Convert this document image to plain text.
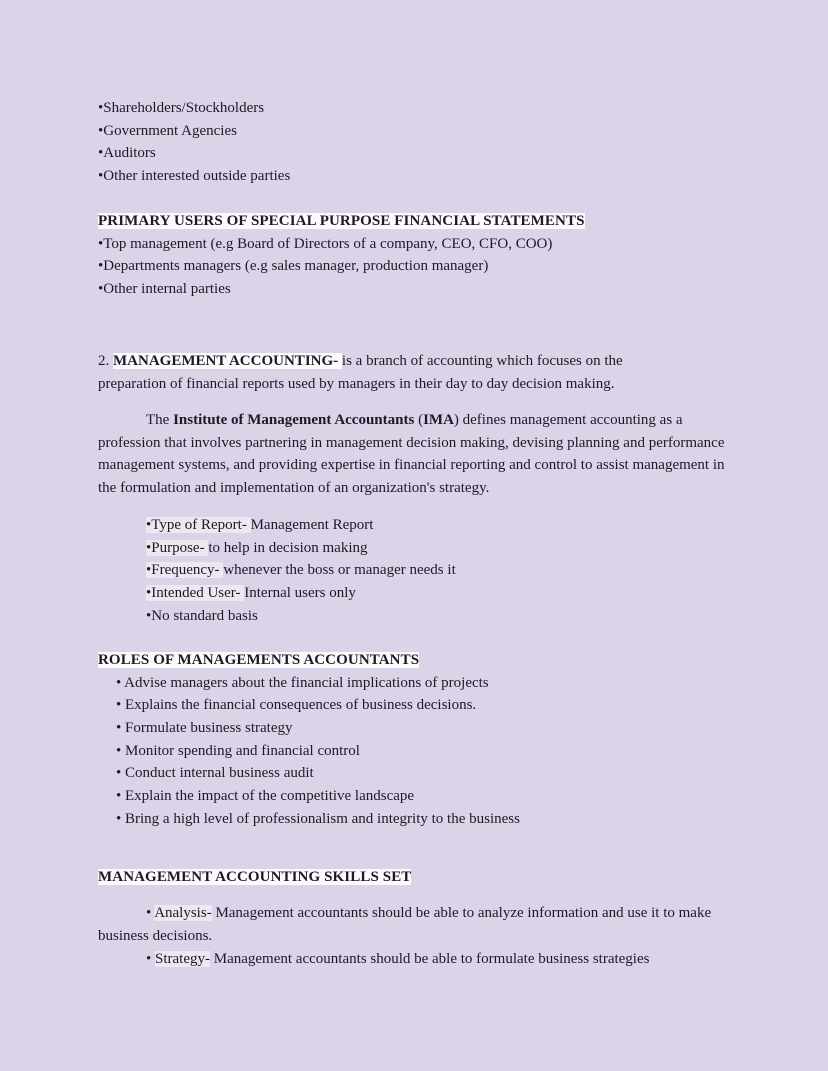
•Shareholders/Stockholders
•Government Agencies
•Auditors
•Other interested outside parties
PRIMARY USERS OF SPECIAL PURPOSE FINANCIAL STATEMENTS
•Top management (e.g Board of Directors of a company, CEO, CFO, COO)
•Departments managers (e.g sales manager, production manager)
•Other internal parties
2. MANAGEMENT ACCOUNTING- is a branch of accounting which focuses on the
preparation of financial reports used by managers in their day to day decision making.
The Institute of Management Accountants (IMA) defines management accounting as a profession that involves partnering in management decision making, devising planning and performance management systems, and providing expertise in financial reporting and control to assist management in the formulation and implementation of an organization's strategy.
•Type of Report- Management Report
•Purpose- to help in decision making
•Frequency- whenever the boss or manager needs it
•Intended User- Internal users only
•No standard basis
ROLES OF MANAGEMENTS ACCOUNTANTS
• Advise managers about the financial implications of projects
• Explains the financial consequences of business decisions.
• Formulate business strategy
• Monitor spending and financial control
• Conduct internal business audit
• Explain the impact of the competitive landscape
• Bring a high level of professionalism and integrity to the business
MANAGEMENT ACCOUNTING SKILLS SET
• Analysis- Management accountants should be able to analyze information and use it to make business decisions.
• Strategy- Management accountants should be able to formulate business strategies
